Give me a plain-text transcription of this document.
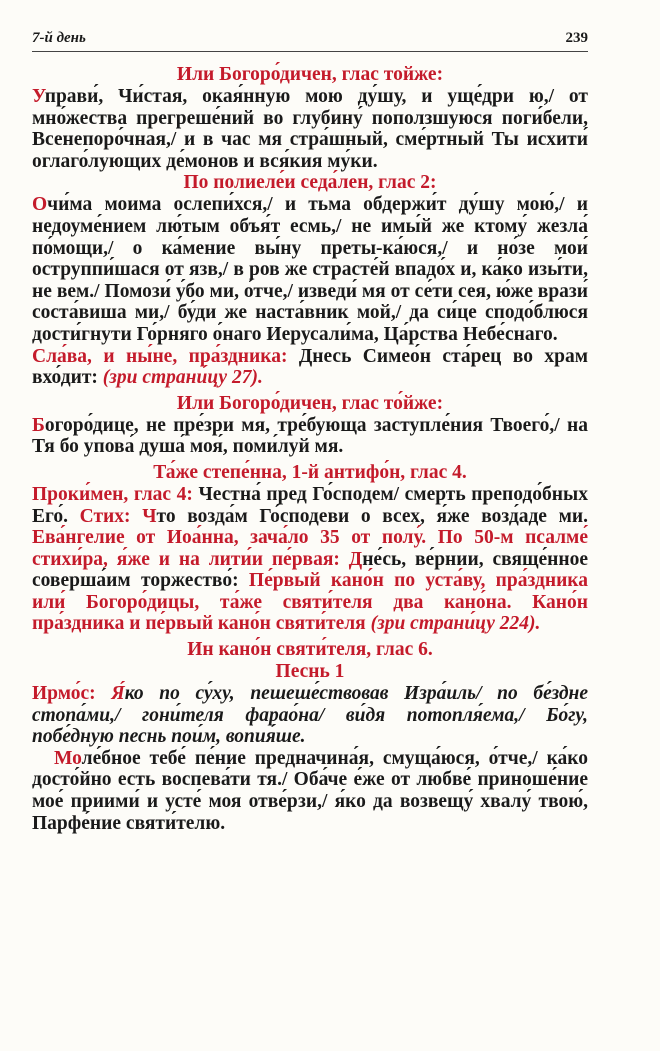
7-й день	239
Или Богоро́дичен, глас тойже:

Управи́, Чи́стая, окая́нную мою ду́шу, и уще́дри ю,/ от мно́жества прегреше́ний во глубину́ поползшуюся поги́бели, Всенепоро́чная,/ и в час мя стра́шный, сме́ртный Ты исхити́ оглаго́лующих де́монов и вся́кия му́ки.

По полиеле́и седа́лен, глас 2:

Очи́ма моима ослепи́хся,/ и тьма обдержи́т ду́шу мою́,/ и недоуме́нием лю́тым объя́т есмь,/ не имы́й же ктому́ жезла́ по́мощи,/ о ка́мение вы́ну преты-ка́юся,/ и но́зе мои́ оструппи́шася от язв,/ в ров же страсте́й впадо́х и, ка́ко изы́ти, не вем./ Помози́ у́бо ми, о́тче,/ изведи́ мя от се́ти сея, ю́же врази́ соста́виша ми,/ бу́ди же наста́вник мой,/ да си́це сподо́блюся дости́гнути Го́рняго о́наго Иерусали́ма, Ца́рства Небе́снаго.

Сла́ва, и ны́не, пра́здника: Днесь Симео́н ста́рец во храм вхо́дит: (зри страни́цу 27).

Или Богоро́дичен, глас то́йже:

Богоро́дице, не пре́зри мя, тре́бующа заступле́ния Твоего́,/ на Тя бо упова́ душа́ моя́, поми́луй мя.

Та́же степе́нна, 1-й антифо́н, глас 4.

Проки́мен, глас 4: Честна́ пред Го́сподем/ смерть преподо́бных Его́. Стих: Что возда́м Го́сподеви о всех, я́же возд́аде ми. Ева́нгелие от Иоа́нна, зача́ло 35 от полу́. По 50-м псалме́ стихи́ра, я́же и на лити́и пе́рвая: Дне́сь, ве́рнии, свяще́нное соверша́им торжество́: Пе́рвый кано́н по уста́ву, пра́здника или́ Богоро́дицы, та́же святи́теля два кано́на. Кано́н пра́здника и пе́рвый кано́н святи́теля (зри страни́цу 224).

Ин кано́н святи́теля, глас 6.
Песнь 1

Ирмо́с: Я́ко по су́ху, пешеше́ствовав Изра́иль/ по бе́здне стопа́ми,/ гони́теля фарао́на/ ви́дя потопля́ема,/ Бо́гу, побе́дную песнь пои́м, вопия́ше.

Моле́бное тебе́ пе́ние предначина́я, смуща́юся, о́тче,/ ка́ко досто́йно есть воспева́ти тя./ Оба́че е́же от любве́ приноше́ние мое́ приими́ и усте́ моя отве́рзи,/ я́ко да возвещу́ хвалу́ твою́, Парфе́ние святи́телю.
